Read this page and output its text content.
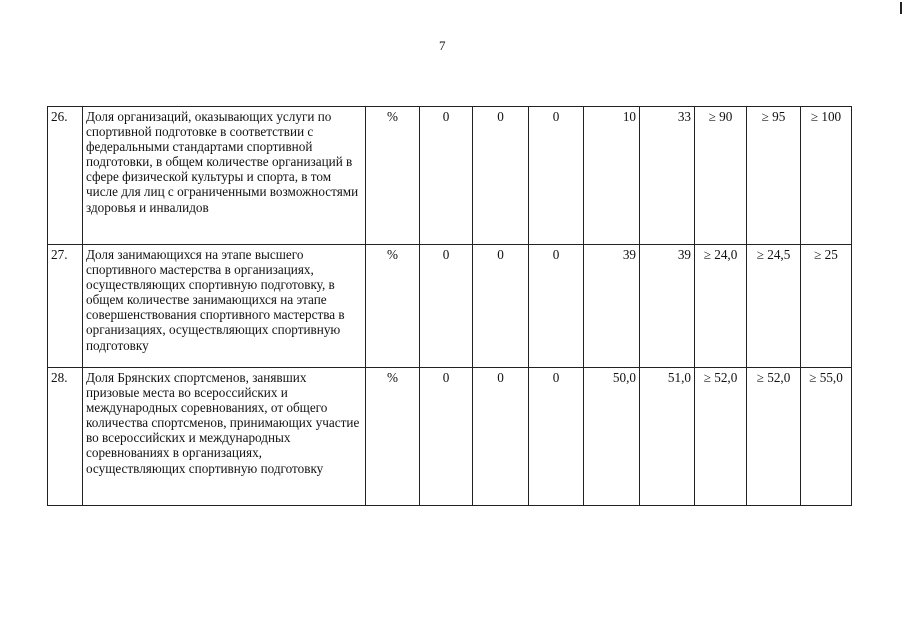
7
26.	Доля организаций, оказывающих услуги по спортивной подготовке в соответствии с федеральными стандартами спортивной подготовки, в общем количестве организаций в сфере физической культуры и спорта, в том числе для лиц с ограниченными возможностями здоровья и инвалидов	%	0	0	0	10	33	≥ 90	≥ 95	≥ 100
27.	Доля занимающихся на этапе высшего спортивного мастерства в организациях, осуществляющих спортивную подготовку, в общем количестве занимающихся на этапе совершенствования спортивного мастерства в организациях, осуществляющих спортивную подготовку	%	0	0	0	39	39	≥ 24,0	≥ 24,5	≥ 25
28.	Доля Брянских спортсменов, занявших призовые места во всероссийских и международных соревнованиях, от общего количества спортсменов, принимающих участие во всероссийских и международных соревнованиях в организациях, осуществляющих спортивную подготовку	%	0	0	0	50,0	51,0	≥ 52,0	≥ 52,0	≥ 55,0
